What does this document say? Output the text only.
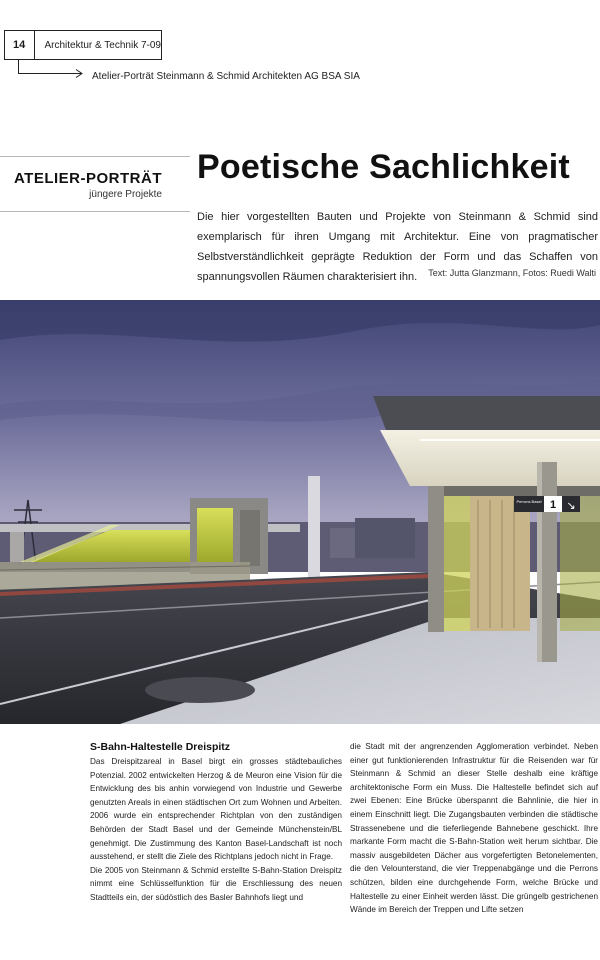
14	Architektur & Technik 7-09
Atelier-Porträt Steinmann & Schmid Architekten AG BSA SIA
ATELIER-PORTRÄT
jüngere Projekte
Poetische Sachlichkeit

Die hier vorgestellten Bauten und Projekte von Steinmann & Schmid sind exemplarisch für ihren Umgang mit Architektur. Eine von pragmatischer Selbstverständlichkeit geprägte Reduktion der Form und das Schaffen von spannungsvollen Räumen charakterisiert ihn.	Text: Jutta Glanzmann, Fotos: Ruedi Walti
Perrons Basel 1 ↘
S-Bahn-Haltestelle Dreispitz

Das Dreispitzareal in Basel birgt ein grosses städtebauliches Potenzial. 2002 entwickelten Herzog & de Meuron eine Vision für die Entwicklung des bis anhin vorwiegend von Industrie und Gewerbe genutzten Areals in einen städtischen Ort zum Wohnen und Arbeiten. 2006 wurde ein entsprechender Richtplan von den zuständigen Behörden der Stadt Basel und der Gemeinde Münchenstein/BL genehmigt. Die Zustimmung des Kanton Basel-Landschaft ist noch ausstehend, er stellt die Ziele des Richtplans jedoch nicht in Frage.

Die 2005 von Steinmann & Schmid erstellte S-Bahn-Station Dreispitz nimmt eine Schlüsselfunktion für die Erschliessung des neuen Stadtteils ein, der südöstlich des Basler Bahnhofs liegt und

die Stadt mit der angrenzenden Agglomeration verbindet. Neben einer gut funktionierenden Infrastruktur für die Reisenden war für Steinmann & Schmid an dieser Stelle deshalb eine kräftige architektonische Form ein Muss. Die Haltestelle befindet sich auf zwei Ebenen: Eine Brücke überspannt die Bahnlinie, die hier in einem Einschnitt liegt. Die Zugangsbauten verbinden die städtische Strassenebene und die tieferliegende Bahnebene geschickt. Ihre markante Form macht die S-Bahn-Station weit herum sichtbar. Die massiv ausgebildeten Dächer aus vorgefertigten Betonelementen, die den Velounterstand, die vier Treppenabgänge und die Perrons schützen, bilden eine durchgehende Form, welche Brücke und Haltestelle zu einer Einheit werden lässt. Die grüngelb gestrichenen Wände im Bereich der Treppen und Lifte setzen
